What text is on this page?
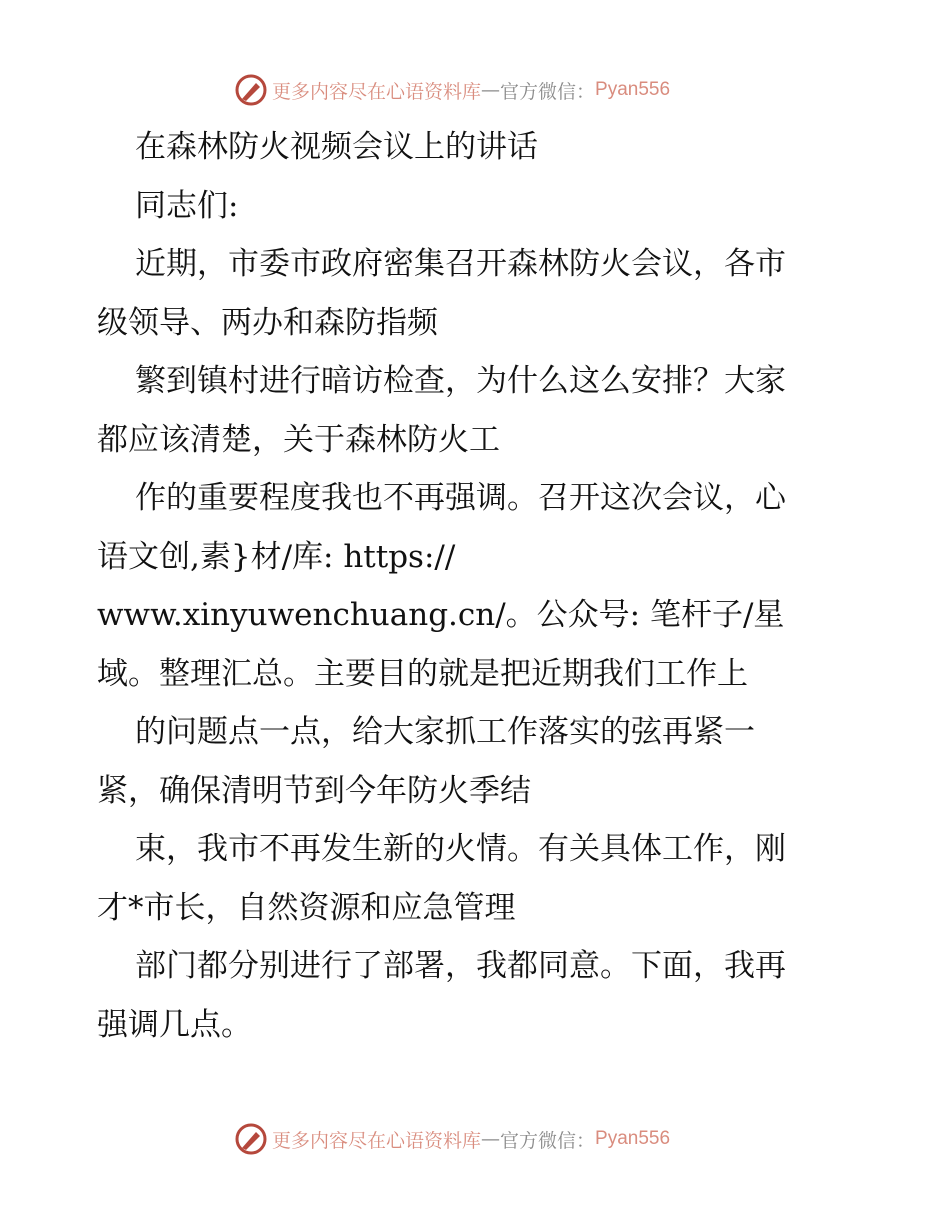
更多内容尽在心语资料库 — 官方微信： Pyan556
在森林防火视频会议上的讲话
同志们:
近期，市委市政府密集召开森林防火会议，各市
级领导、两办和森防指频
繁到镇村进行暗访检查，为什么这么安排？大家
都应该清楚，关于森林防火工
作的重要程度我也不再强调。召开这次会议，心
语文创,素}材/库: https://
www.xinyuwenchuang.cn/。公众号: 笔杆子/星
域。整理汇总。主要目的就是把近期我们工作上
的问题点一点，给大家抓工作落实的弦再紧一
紧，确保清明节到今年防火季结
束，我市不再发生新的火情。有关具体工作，刚
才*市长，自然资源和应急管理
部门都分别进行了部署，我都同意。下面，我再
强调几点。
更多内容尽在心语资料库 — 官方微信： Pyan556
